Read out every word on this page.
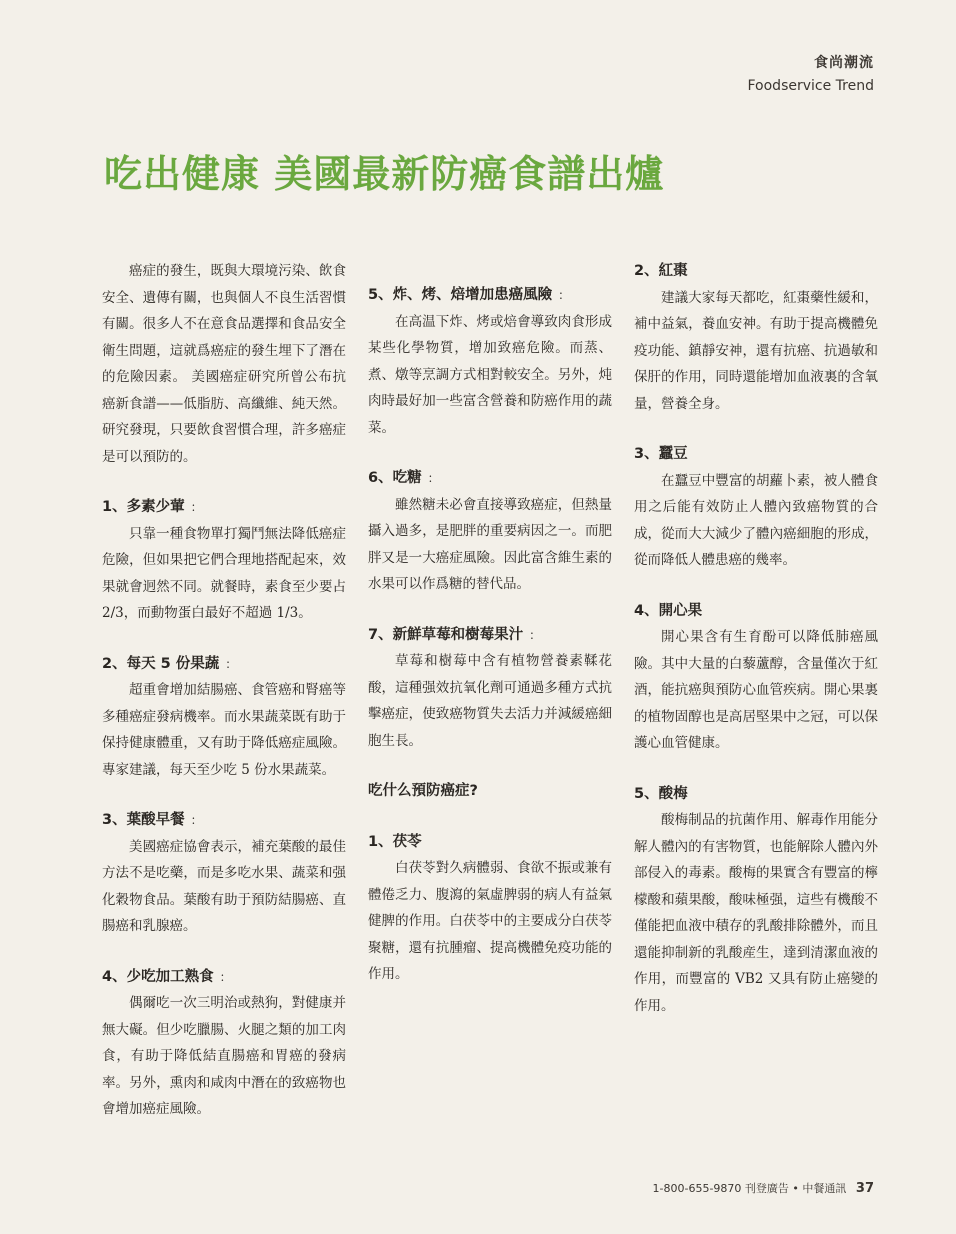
食尚潮流
Foodservice Trend
吃出健康 美國最新防癌食譜出爐

癌症的發生，既與大環境污染、飲食安全、遺傳有關，也與個人不良生活習慣有關。很多人不在意食品選擇和食品安全衛生問題，這就爲癌症的發生埋下了潛在的危險因素。 美國癌症研究所曾公布抗癌新食譜——低脂肪、高纖維、純天然。研究發現，只要飲食習慣合理，許多癌症是可以預防的。

1、多素少葷 ：

只靠一種食物單打獨鬥無法降低癌症危險，但如果把它們合理地搭配起來，效果就會迥然不同。就餐時，素食至少要占 2/3，而動物蛋白最好不超過 1/3。

2、每天 5 份果蔬 ：

超重會增加結腸癌、食管癌和腎癌等多種癌症發病機率。而水果蔬菜既有助于保持健康體重，又有助于降低癌症風險。專家建議，每天至少吃 5 份水果蔬菜。

3、葉酸早餐 ：

美國癌症協會表示，補充葉酸的最佳方法不是吃藥，而是多吃水果、蔬菜和强化穀物食品。葉酸有助于預防結腸癌、直腸癌和乳腺癌。

4、少吃加工熟食 ：

偶爾吃一次三明治或熱狗，對健康并無大礙。但少吃臘腸、火腿之類的加工肉食，有助于降低結直腸癌和胃癌的發病率。另外，熏肉和咸肉中潛在的致癌物也會增加癌症風險。

5、炸、烤、焙增加患癌風險 ：

在高温下炸、烤或焙會導致肉食形成某些化學物質，增加致癌危險。而蒸、煮、燉等烹調方式相對較安全。另外，炖肉時最好加一些富含營養和防癌作用的蔬菜。

6、吃糖 ：

雖然糖未必會直接導致癌症，但熱量攝入過多，是肥胖的重要病因之一。而肥胖又是一大癌症風險。因此富含維生素的水果可以作爲糖的替代品。

7、新鮮草莓和樹莓果汁 ：

草莓和樹莓中含有植物營養素鞣花酸，這種强效抗氧化劑可通過多種方式抗擊癌症，使致癌物質失去活力并減緩癌細胞生長。

吃什么預防癌症?
1、茯苓

白茯苓對久病體弱、食欲不振或兼有體倦乏力、腹瀉的氣虛脾弱的病人有益氣健脾的作用。白茯苓中的主要成分白茯苓聚糖，還有抗腫瘤、提高機體免疫功能的作用。

2、紅棗

建議大家每天都吃，紅棗藥性緩和，補中益氣，養血安神。有助于提高機體免疫功能、鎮靜安神，還有抗癌、抗過敏和保肝的作用，同時還能增加血液裏的含氧量，營養全身。

3、蠶豆

在蠶豆中豐富的胡蘿卜素，被人體食用之后能有效防止人體內致癌物質的合成，從而大大減少了體內癌細胞的形成，從而降低人體患癌的幾率。

4、開心果

開心果含有生育酚可以降低肺癌風險。其中大量的白藜蘆醇，含量僅次于紅酒，能抗癌與預防心血管疾病。開心果裏的植物固醇也是高居堅果中之冠，可以保護心血管健康。

5、酸梅

酸梅制品的抗菌作用、解毒作用能分解人體內的有害物質，也能解除人體內外部侵入的毒素。酸梅的果實含有豐富的檸檬酸和蘋果酸，酸味極强，這些有機酸不僅能把血液中積存的乳酸排除體外，而且還能抑制新的乳酸産生，達到清潔血液的作用，而豐富的 VB2 又具有防止癌變的作用。

1-800-655-9870 刊登廣告 • 中餐通訊 37
